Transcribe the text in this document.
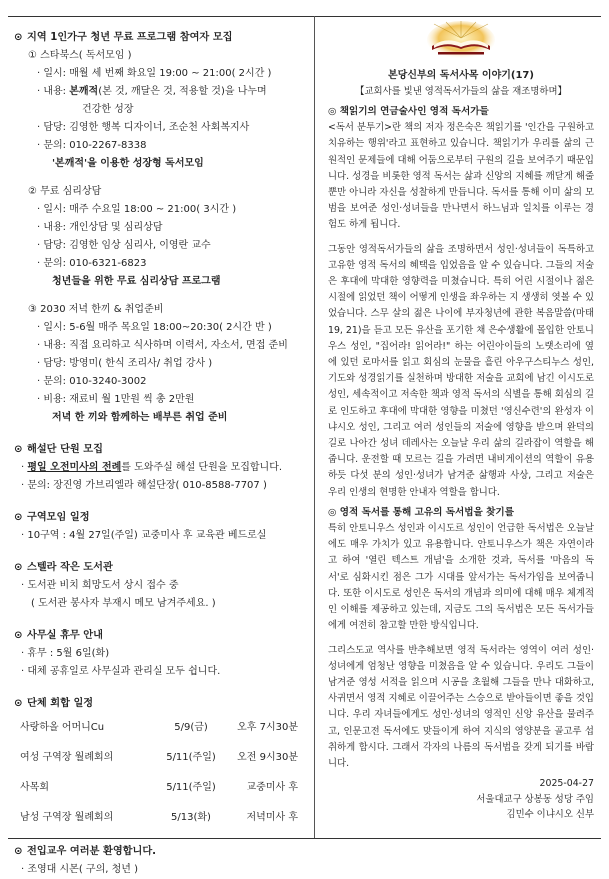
⊙ 지역 1인가구 청년 무료 프로그램 참여자 모집
① 스타북스( 독서모임 )
· 일시: 매월 세 번째 화요일 19:00 ~ 21:00( 2시간 )
· 내용: 본깨적(본 것, 깨달은 것, 적용할 것)을 나누며
건강한 성장
· 담당: 김영한 행복 디자이너, 조순천 사회복지사
· 문의: 010-2267-8338
'본깨적'을 이용한 성장형 독서모임
② 무료 심리상담
· 일시: 매주 수요일 18:00 ~ 21:00( 3시간 )
· 내용: 개인상담 및 심리상담
· 담당: 김영한 임상 심리사, 이영란 교수
· 문의: 010-6321-6823
청년들을 위한 무료 심리상담 프로그램
③ 2030 저녁 한끼 & 취업준비
· 일시: 5-6월 매주 목요일 18:00~20:30( 2시간 반 )
· 내용: 직접 요리하고 식사하며 이력서, 자소서, 면접 준비
· 담당: 방영미( 한식 조리사/ 취업 강사 )
· 문의: 010-3240-3002
· 비용: 재료비 월 1만원 씩 총 2만원
저녁 한 끼와 함께하는 배부른 취업 준비
⊙ 해설단 단원 모집
· 평일 오전미사의 전례를 도와주실 해설 단원을 모집합니다.
· 문의: 장진영 가브리엘라 해설단장( 010-8588-7707 )
⊙ 구역모임 일정
· 10구역 : 4월 27일(주일) 교중미사 후 교육관 베드로실
⊙ 스텔라 작은 도서관
· 도서관 비치 희망도서 상시 접수 중
( 도서관 봉사자 부재시 메모 남겨주세요. )
⊙ 사무실 휴무 안내
· 휴무 : 5월 6일(화)
· 대체 공휴일로 사무실과 관리실 모두 쉽니다.
⊙ 단체 회합 일정
사랑하올 어머니Cu	5/9(금)	오후 7시30분
여성 구역장 월례회의	5/11(주일)	오전 9시30분
사목회	5/11(주일)	교중미사 후
남성 구역장 월례회의	5/13(화)	저녁미사 후
⊙ 전입교우 여러분 환영합니다.
· 조영대 시몬( 구의, 청년 )
본당신부의 독서사목 이야기(17)
【교회사를 빛낸 영적독서가들의 삶을 재조명하며】
◎ 책읽기의 연금술사인 영적 독서가들

<독서 분투기>란 책의 저자 정은숙은 책읽기를 '인간을 구원하고 치유하는 행위'라고 표현하고 있습니다. 책읽기가 우리를 삶의 근원적인 문제들에 대해 어둠으로부터 구원의 길을 보여주기 때문입니다. 성경을 비롯한 영적 독서는 삶과 신앙의 지혜를 깨닫게 해줄 뿐만 아니라 자신을 성찰하게 만듭니다. 독서를 통해 이미 삶의 모범을 보여준 성인·성녀들을 만나면서 하느님과 일치를 이루는 경험도 하게 됩니다.

그동안 영적독서가들의 삶을 조명하면서 성인·성녀들이 독특하고 고유한 영적 독서의 혜택을 입었음을 알 수 있습니다. 그들의 저술은 후대에 막대한 영향력을 미쳤습니다. 특히 어린 시절이나 젊은 시절에 읽었던 책이 어떻게 인생을 좌우하는 지 생생히 엿볼 수 있었습니다. 스무 살의 젊은 나이에 부자청년에 관한 복음말씀(마태19, 21)을 듣고 모든 유산을 포기한 채 은수생활에 몰입한 안토니우스 성인, "집어라! 읽어라!" 하는 어린아이들의 노랫소리에 옆에 있던 로마서를 읽고 회심의 눈물을 흘린 아우구스티누스 성인, 기도와 성경읽기를 실천하며 방대한 저술을 교회에 남긴 이시도로 성인, 세속적이고 저속한 책과 영적 독서의 식별을 통해 회심의 길로 인도하고 후대에 막대한 영향을 미쳤던 '영신수련'의 완성자 이냐시오 성인, 그리고 여러 성인들의 저술에 영향을 받으며 완덕의 길로 나아간 성녀 데레사는 오늘날 우리 삶의 길라잡이 역할을 해 줍니다. 운전할 때 모르는 길을 가려면 내비게이션의 역할이 유용하듯 다섯 분의 성인·성녀가 남겨준 삶행과 사상, 그리고 저술은 우리 인생의 현명한 안내자 역할을 합니다.

◎ 영적 독서를 통해 고유의 독서법을 찾기를

특히 안토니우스 성인과 이시도르 성인이 언급한 독서법은 오늘날에도 매우 가치가 있고 유용합니다. 안토니우스가 책은 자연이라고 하여 '열린 텍스트 개념'을 소개한 것과, 독서를 '마음의 독서'로 심화시킨 점은 그가 시대를 앞서가는 독서가임을 보여줍니다. 또한 이시도로 성인은 독서의 개념과 의미에 대해 매우 체계적인 이해를 제공하고 있는데, 지금도 그의 독서법은 모든 독서가들에게 여전히 참고할 만한 방식입니다.

그리스도교 역사를 반추해보면 영적 독서라는 영역이 여러 성인·성녀에게 엄청난 영향을 미쳤음을 알 수 있습니다. 우리도 그들이 남겨준 영성 서적을 읽으며 시공을 초월해 그들을 만나 대화하고, 사귀면서 영적 지혜로 이끌어주는 스승으로 받아들이면 좋을 것입니다. 우리 자녀들에게도 성인·성녀의 영적인 신앙 유산을 물려주고, 인문고전 독서에도 맞들이게 하여 지식의 영양분을 골고루 섭취하게 합시다. 그래서 각자의 나름의 독서법을 갖게 되기를 바랍니다.

2025-04-27
서울대교구 상봉동 성당 주임
김민수 이냐시오 신부
